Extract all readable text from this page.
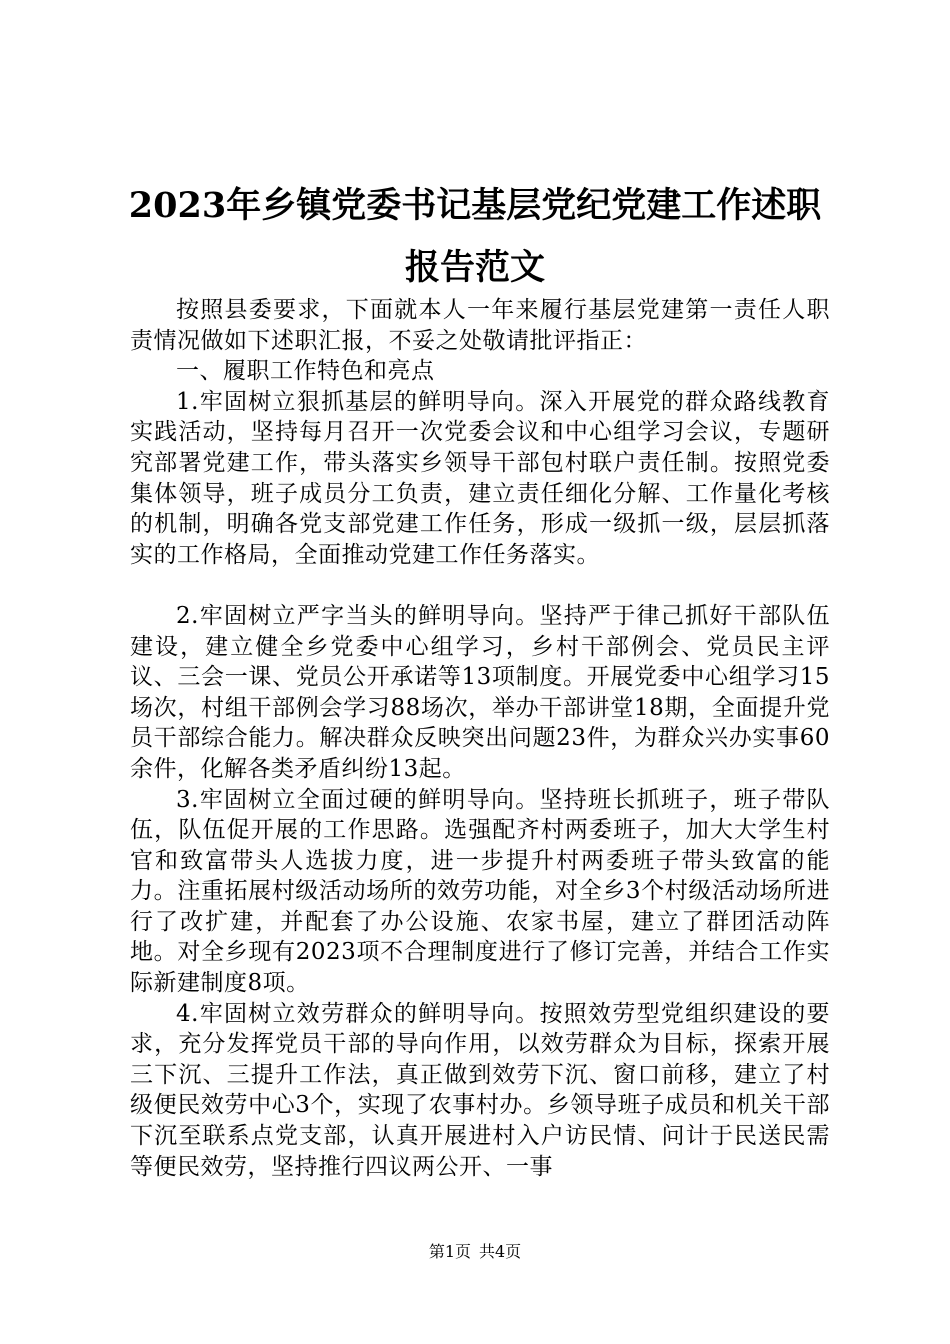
2023年乡镇党委书记基层党纪党建工作述职
报告范文

按照县委要求，下面就本人一年来履行基层党建第一责任人职责情况做如下述职汇报，不妥之处敬请批评指正：

一、履职工作特色和亮点

1.牢固树立狠抓基层的鲜明导向。深入开展党的群众路线教育实践活动，坚持每月召开一次党委会议和中心组学习会议，专题研究部署党建工作，带头落实乡领导干部包村联户责任制。按照党委集体领导，班子成员分工负责，建立责任细化分解、工作量化考核的机制，明确各党支部党建工作任务，形成一级抓一级，层层抓落实的工作格局，全面推动党建工作任务落实。

2.牢固树立严字当头的鲜明导向。坚持严于律己抓好干部队伍建设，建立健全乡党委中心组学习，乡村干部例会、党员民主评议、三会一课、党员公开承诺等13项制度。开展党委中心组学习15场次，村组干部例会学习88场次，举办干部讲堂18期，全面提升党员干部综合能力。解决群众反映突出问题23件，为群众兴办实事60余件，化解各类矛盾纠纷13起。

3.牢固树立全面过硬的鲜明导向。坚持班长抓班子，班子带队伍，队伍促开展的工作思路。选强配齐村两委班子，加大大学生村官和致富带头人选拔力度，进一步提升村两委班子带头致富的能力。注重拓展村级活动场所的效劳功能，对全乡3个村级活动场所进行了改扩建，并配套了办公设施、农家书屋，建立了群团活动阵地。对全乡现有2023项不合理制度进行了修订完善，并结合工作实际新建制度8项。

4.牢固树立效劳群众的鲜明导向。按照效劳型党组织建设的要求，充分发挥党员干部的导向作用，以效劳群众为目标，探索开展三下沉、三提升工作法，真正做到效劳下沉、窗口前移，建立了村级便民效劳中心3个，实现了农事村办。乡领导班子成员和机关干部下沉至联系点党支部，认真开展进村入户访民情、问计于民送民需等便民效劳，坚持推行四议两公开、一事

第1页 共4页
